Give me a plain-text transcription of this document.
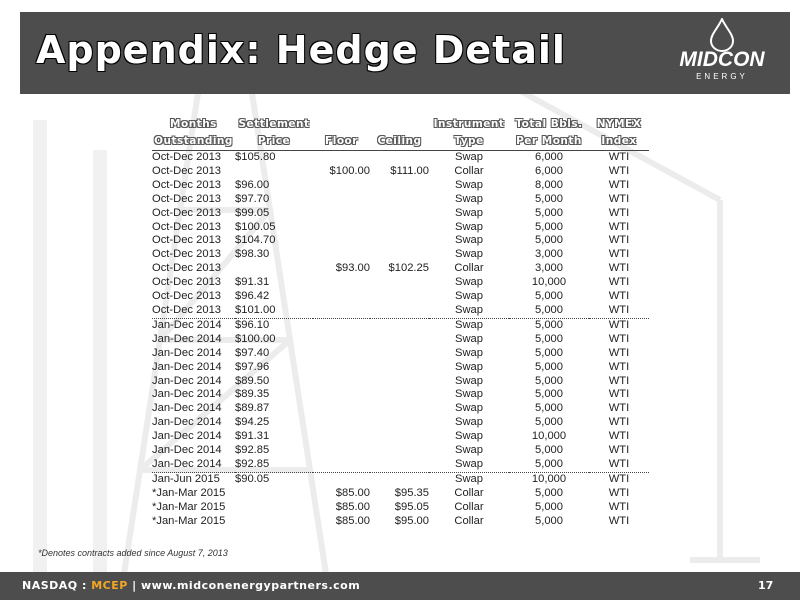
Appendix: Hedge Detail	MIDCON
ENERGY
Months	Settlement			Instrument	Total Bbls.	NYMEX
Outstanding	Price	Floor	Ceiling	Type	Per Month	Index
Oct-Dec 2013	$105.80			Swap	6,000	WTI
Oct-Dec 2013		$100.00	$111.00	Collar	6,000	WTI
Oct-Dec 2013	$96.00			Swap	8,000	WTI
Oct-Dec 2013	$97.70			Swap	5,000	WTI
Oct-Dec 2013	$99.05			Swap	5,000	WTI
Oct-Dec 2013	$100.05			Swap	5,000	WTI
Oct-Dec 2013	$104.70			Swap	5,000	WTI
Oct-Dec 2013	$98.30			Swap	3,000	WTI
Oct-Dec 2013		$93.00	$102.25	Collar	3,000	WTI
Oct-Dec 2013	$91.31			Swap	10,000	WTI
Oct-Dec 2013	$96.42			Swap	5,000	WTI
Oct-Dec 2013	$101.00			Swap	5,000	WTI
Jan-Dec 2014	$96.10			Swap	5,000	WTI
Jan-Dec 2014	$100.00			Swap	5,000	WTI
Jan-Dec 2014	$97.40			Swap	5,000	WTI
Jan-Dec 2014	$97.96			Swap	5,000	WTI
Jan-Dec 2014	$89.50			Swap	5,000	WTI
Jan-Dec 2014	$89.35			Swap	5,000	WTI
Jan-Dec 2014	$89.87			Swap	5,000	WTI
Jan-Dec 2014	$94.25			Swap	5,000	WTI
Jan-Dec 2014	$91.31			Swap	10,000	WTI
Jan-Dec 2014	$92.85			Swap	5,000	WTI
Jan-Dec 2014	$92.85			Swap	5,000	WTI
Jan-Jun 2015	$90.05			Swap	10,000	WTI
*Jan-Mar 2015		$85.00	$95.35	Collar	5,000	WTI
*Jan-Mar 2015		$85.00	$95.05	Collar	5,000	WTI
*Jan-Mar 2015		$85.00	$95.00	Collar	5,000	WTI
*Denotes contracts added since August 7, 2013
NASDAQ : MCEP | www.midconenergypartners.com	17
